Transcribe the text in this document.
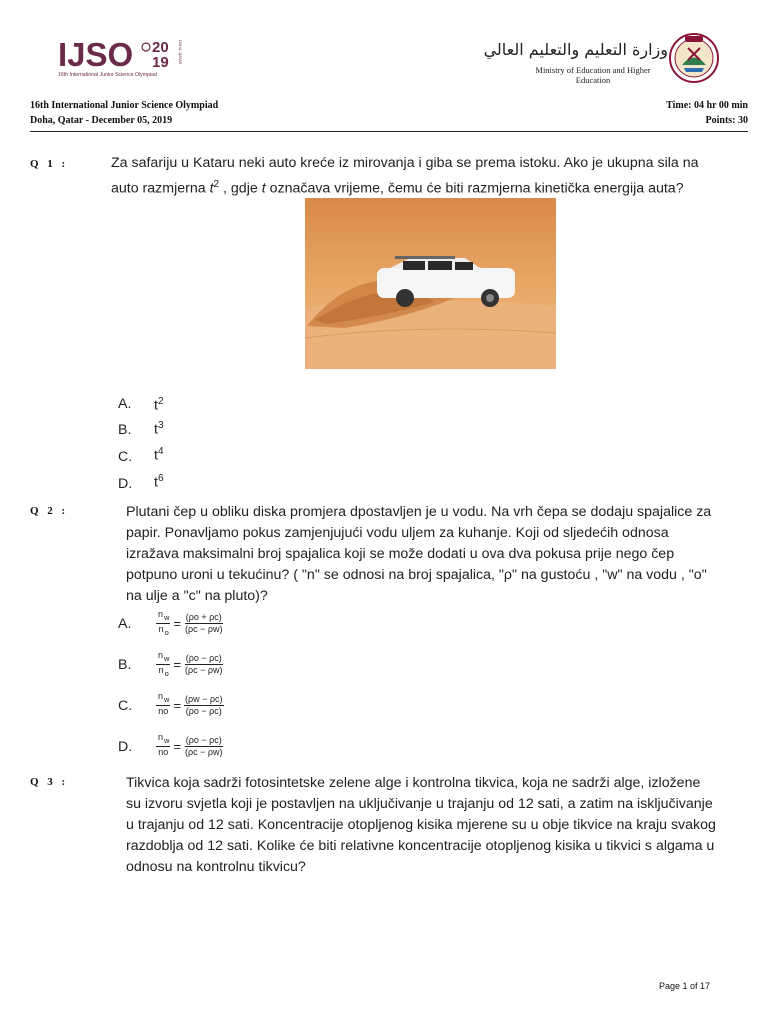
IJSO 20
19
16th International Junior Science Olympiad
DOHA, QATAR	وزارة التعليم والتعليم العالي
Ministry of Education and Higher Education
16th International Junior Science Olympiad
Doha, Qatar - December 05, 2019
Time: 04 hr 00 min
Points: 30
Q 1 :	Za safariju u Kataru neki auto kreće iz mirovanja i giba se prema istoku. Ako je ukupna sila na
auto razmjerna $t^2$ , gdje t označava vrijeme, čemu će biti razmjerna kinetička energija auta?
A. $t^2$
B. $t^3$
C. $t^4$
D. $t^6$
Q 2 :	Plutani čep u obliku diska promjera dpostavljen je u vodu. Na vrh čepa se dodaju spajalice za
papir. Ponavljamo pokus zamjenjujući vodu uljem za kuhanje. Koji od sljedećih odnosa
izražava maksimalni broj spajalica koji se može dodati u ova dva pokusa prije nego čep
potpuno uroni u tekućinu? ( "n" se odnosi na broj spajalica, "ρ" na gustoću , "w" na vodu , "o"
na ulje a "c" na pluto)?
A.	$\frac{n_w}{n_o} = \frac{(\rho o + \rho c)}{(\rho c - \rho w)}$
B.	$\frac{n_w}{n_o} = \frac{(\rho o - \rho c)}{(\rho c - \rho w)}$
C.	$\frac{n_w}{no} = \frac{(\rho w - \rho c)}{(\rho o - \rho c)}$
D.	$\frac{n_w}{no} = \frac{(\rho o - \rho c)}{(\rho c - \rho w)}$
Q 3 :	Tikvica koja sadrži fotosintetske zelene alge i kontrolna tikvica, koja ne sadrži alge, izložene
su izvoru svjetla koji je postavljen na uključivanje u trajanju od 12 sati, a zatim na isključivanje
u trajanju od 12 sati. Koncentracije otopljenog kisika mjerene su u obje tikvice na kraju svakog
razdoblja od 12 sati. Kolike će biti relativne koncentracije otopljenog kisika u tikvici s algama u
odnosu na kontrolnu tikvicu?
Page 1 of 17
